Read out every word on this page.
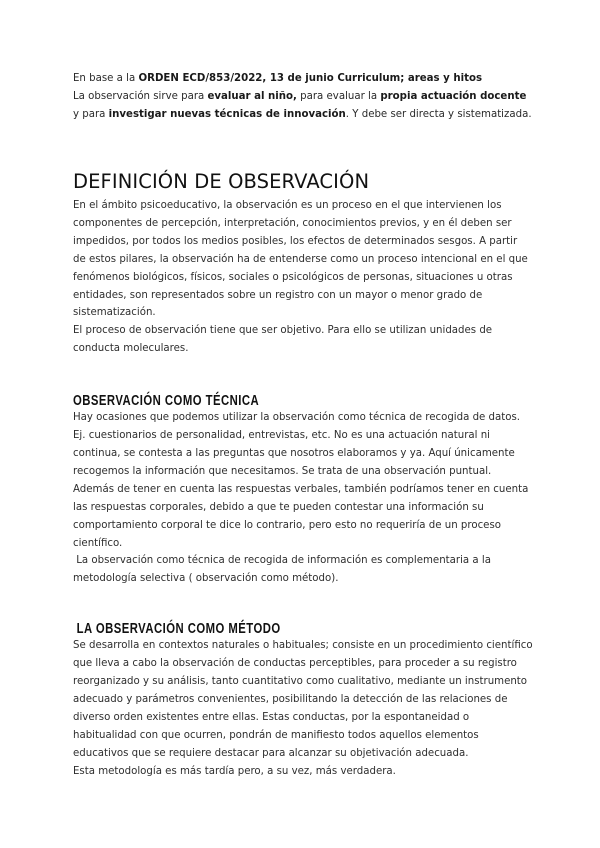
En base a la ORDEN ECD/853/2022, 13 de junio Curriculum; areas y hitos

La observación sirve para evaluar al niño, para evaluar la propia actuación docente y para investigar nuevas técnicas de innovación. Y debe ser directa y sistematizada.

DEFINICIÓN DE OBSERVACIÓN

En el ámbito psicoeducativo, la observación es un proceso en el que intervienen los componentes de percepción, interpretación, conocimientos previos, y en él deben ser impedidos, por todos los medios posibles, los efectos de determinados sesgos. A partir de estos pilares, la observación ha de entenderse como un proceso intencional en el que fenómenos biológicos, físicos, sociales o psicológicos de personas, situaciones u otras entidades, son representados sobre un registro con un mayor o menor grado de sistematización.

El proceso de observación tiene que ser objetivo. Para ello se utilizan unidades de conducta moleculares.

OBSERVACIÓN COMO TÉCNICA

Hay ocasiones que podemos utilizar la observación como técnica de recogida de datos. Ej. cuestionarios de personalidad, entrevistas, etc. No es una actuación natural ni continua, se contesta a las preguntas que nosotros elaboramos y ya. Aquí únicamente recogemos la información que necesitamos. Se trata de una observación puntual. Además de tener en cuenta las respuestas verbales, también podríamos tener en cuenta las respuestas corporales, debido a que te pueden contestar una información su comportamiento corporal te dice lo contrario, pero esto no requeriría de un proceso científico.

La observación como técnica de recogida de información es complementaria a la metodología selectiva ( observación como método).

LA OBSERVACIÓN COMO MÉTODO

Se desarrolla en contextos naturales o habituales; consiste en un procedimiento científico que lleva a cabo la observación de conductas perceptibles, para proceder a su registro reorganizado y su análisis, tanto cuantitativo como cualitativo, mediante un instrumento adecuado y parámetros convenientes, posibilitando la detección de las relaciones de diverso orden existentes entre ellas. Estas conductas, por la espontaneidad o habitualidad con que ocurren, pondrán de manifiesto todos aquellos elementos educativos que se requiere destacar para alcanzar su objetivación adecuada.

Esta metodología es más tardía pero, a su vez, más verdadera.
